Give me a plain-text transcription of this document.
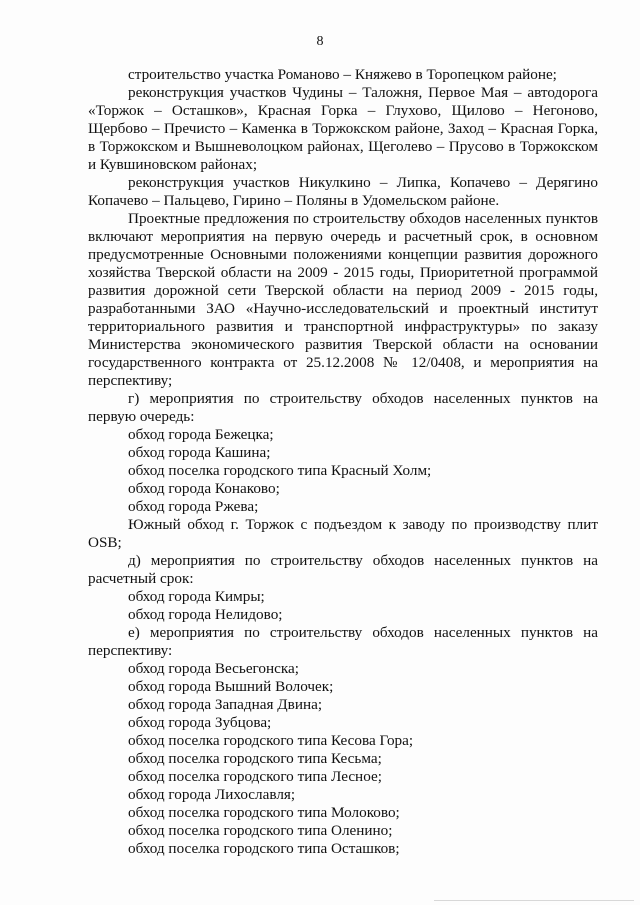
8

строительство участка Романово – Княжево в Торопецком районе;

реконструкция участков Чудины – Таложня, Первое Мая – автодорога «Торжок – Осташков», Красная Горка – Глухово, Щилово – Негоново, Щербово – Пречисто – Каменка в Торжокском районе, Заход – Красная Горка, в Торжокском и Вышневолоцком районах, Щеголево – Прусово в Торжокском и Кувшиновском районах;

реконструкция участков Никулкино – Липка, Копачево – Дерягино Копачево – Пальцево, Гирино – Поляны в Удомельском районе.

Проектные предложения по строительству обходов населенных пунктов включают мероприятия на первую очередь и расчетный срок, в основном предусмотренные Основными положениями концепции развития дорожного хозяйства Тверской области на 2009 - 2015 годы, Приоритетной программой развития дорожной сети Тверской области на период 2009 - 2015 годы, разработанными ЗАО «Научно-исследовательский и проектный институт территориального развития и транспортной инфраструктуры» по заказу Министерства экономического развития Тверской области на основании государственного контракта от 25.12.2008 № 12/0408, и мероприятия на перспективу;

г) мероприятия по строительству обходов населенных пунктов на первую очередь:

обход города Бежецка;

обход города Кашина;

обход поселка городского типа Красный Холм;

обход города Конаково;

обход города Ржева;

Южный обход г. Торжок с подъездом к заводу по производству плит OSB;

д) мероприятия по строительству обходов населенных пунктов на расчетный срок:

обход города Кимры;

обход города Нелидово;

е) мероприятия по строительству обходов населенных пунктов на перспективу:

обход города Весьегонска;

обход города Вышний Волочек;

обход города Западная Двина;

обход города Зубцова;

обход поселка городского типа Кесова Гора;

обход поселка городского типа Кесьма;

обход поселка городского типа Лесное;

обход города Лихославля;

обход поселка городского типа Молоково;

обход поселка городского типа Оленино;

обход поселка городского типа Осташков;
